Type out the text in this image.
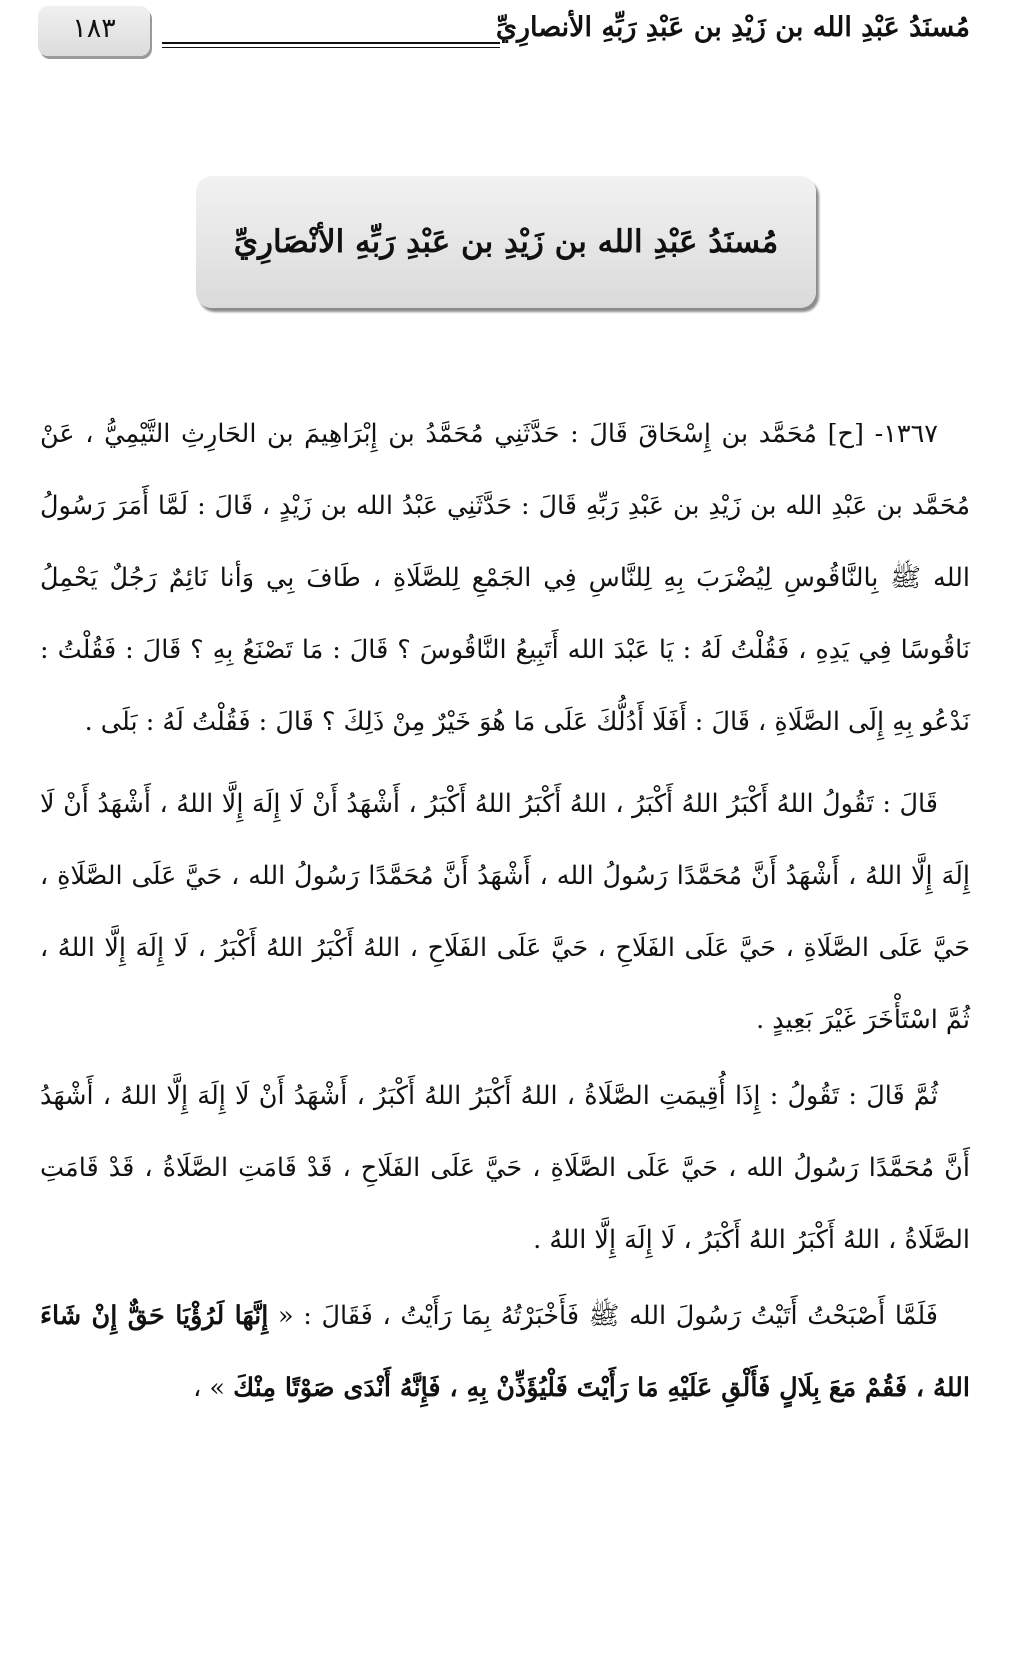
مُسنَدُ عَبْدِ الله بن زَيْدِ بن عَبْدِ رَبِّهِ الأنصارِيِّ
١٨٣
مُسنَدُ عَبْدِ الله بن زَيْدِ بن عَبْدِ رَبِّهِ الأنْصَارِيِّ

١٣٦٧- [ح] مُحَمَّد بن إِسْحَاقَ قَالَ : حَدَّثَنِي مُحَمَّدُ بن إِبْرَاهِيمَ بن الحَارِثِ التَّيْمِيُّ ، عَنْ مُحَمَّد بن عَبْدِ الله بن زَيْدِ بن عَبْدِ رَبِّهِ قَالَ : حَدَّثَنِي عَبْدُ الله بن زَيْدٍ ، قَالَ : لَمَّا أَمَرَ رَسُولُ الله ﷺ بِالنَّاقُوسِ لِيُضْرَبَ بِهِ لِلنَّاسِ فِي الجَمْعِ لِلصَّلَاةِ ، طَافَ بِي وَأنا نَائِمٌ رَجُلٌ يَحْمِلُ نَاقُوسًا فِي يَدِهِ ، فَقُلْتُ لَهُ : يَا عَبْدَ الله أَتَبِيعُ النَّاقُوسَ ؟ قَالَ : مَا تَصْنَعُ بِهِ ؟ قَالَ : فَقُلْتُ : نَدْعُو بِهِ إِلَى الصَّلَاةِ ، قَالَ : أَفَلَا أَدُلُّكَ عَلَى مَا هُوَ خَيْرٌ مِنْ ذَلِكَ ؟ قَالَ : فَقُلْتُ لَهُ : بَلَى .

قَالَ : تَقُولُ اللهُ أَكْبَرُ اللهُ أَكْبَرُ ، اللهُ أَكْبَرُ اللهُ أَكْبَرُ ، أَشْهَدُ أَنْ لَا إِلَهَ إِلَّا اللهُ ، أَشْهَدُ أَنْ لَا إِلَهَ إِلَّا اللهُ ، أَشْهَدُ أَنَّ مُحَمَّدًا رَسُولُ الله ، أَشْهَدُ أَنَّ مُحَمَّدًا رَسُولُ الله ، حَيَّ عَلَى الصَّلَاةِ ، حَيَّ عَلَى الصَّلَاةِ ، حَيَّ عَلَى الفَلَاحِ ، حَيَّ عَلَى الفَلَاحِ ، اللهُ أَكْبَرُ اللهُ أَكْبَرُ ، لَا إِلَهَ إِلَّا اللهُ ، ثُمَّ اسْتَأْخَرَ غَيْرَ بَعِيدٍ .

ثُمَّ قَالَ : تَقُولُ : إِذَا أُقِيمَتِ الصَّلَاةُ ، اللهُ أَكْبَرُ اللهُ أَكْبَرُ ، أَشْهَدُ أَنْ لَا إِلَهَ إِلَّا اللهُ ، أَشْهَدُ أَنَّ مُحَمَّدًا رَسُولُ الله ، حَيَّ عَلَى الصَّلَاةِ ، حَيَّ عَلَى الفَلَاحِ ، قَدْ قَامَتِ الصَّلَاةُ ، قَدْ قَامَتِ الصَّلَاةُ ، اللهُ أَكْبَرُ اللهُ أَكْبَرُ ، لَا إِلَهَ إِلَّا اللهُ .

فَلَمَّا أَصْبَحْتُ أَتَيْتُ رَسُولَ الله ﷺ فَأَخْبَرْتُهُ بِمَا رَأَيْتُ ، فَقَالَ : « إِنَّهَا لَرُؤْيَا حَقٌّ إِنْ شَاءَ اللهُ ، فَقُمْ مَعَ بِلَالٍ فَأَلْقِ عَلَيْهِ مَا رَأَيْتَ فَلْيُؤَذِّنْ بِهِ ، فَإِنَّهُ أَنْدَى صَوْتًا مِنْكَ » ،
